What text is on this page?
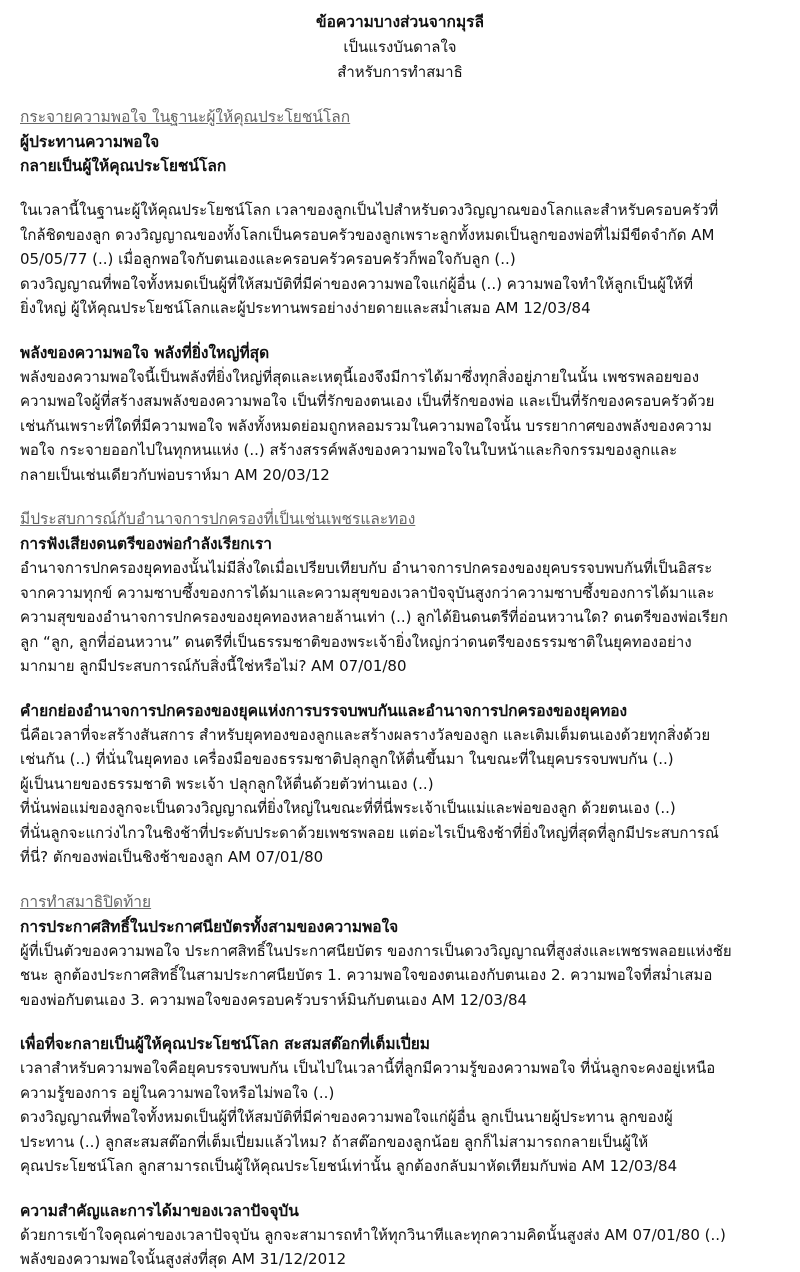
ข้อความบางส่วนจากมุรลี
เป็นแรงบันดาลใจ
สำหรับการทำสมาธิ
กระจายความพอใจ ในฐานะผู้ให้คุณประโยชน์โลก
ผู้ประทานความพอใจ
กลายเป็นผู้ให้คุณประโยชน์โลก
ในเวลานี้ในฐานะผู้ให้คุณประโยชน์โลก เวลาของลูกเป็นไปสำหรับดวงวิญญาณของโลกและสำหรับครอบครัวที่
ใกล้ชิดของลูก ดวงวิญญาณของทั้งโลกเป็นครอบครัวของลูกเพราะลูกทั้งหมดเป็นลูกของพ่อที่ไม่มีขีดจำกัด AM
05/05/77 (..) เมื่อลูกพอใจกับตนเองและครอบครัวครอบครัวก็พอใจกับลูก (..)
ดวงวิญญาณที่พอใจทั้งหมดเป็นผู้ที่ให้สมบัติที่มีค่าของความพอใจแก่ผู้อื่น (..) ความพอใจทำให้ลูกเป็นผู้ให้ที่
ยิ่งใหญ่ ผู้ให้คุณประโยชน์โลกและผู้ประทานพรอย่างง่ายดายและสม่ำเสมอ AM 12/03/84
พลังของความพอใจ พลังที่ยิ่งใหญ่ที่สุด
พลังของความพอใจนี้เป็นพลังที่ยิ่งใหญ่ที่สุดและเหตุนี้เองจึงมีการได้มาซึ่งทุกสิ่งอยู่ภายในนั้น เพชรพลอยของ
ความพอใจผู้ที่สร้างสมพลังของความพอใจ เป็นที่รักของตนเอง เป็นที่รักของพ่อ และเป็นที่รักของครอบครัวด้วย
เช่นกันเพราะที่ใดที่มีความพอใจ พลังทั้งหมดย่อมถูกหลอมรวมในความพอใจนั้น บรรยากาศของพลังของความ
พอใจ กระจายออกไปในทุกหนแห่ง (..) สร้างสรรค์พลังของความพอใจในใบหน้าและกิจกรรมของลูกและ
กลายเป็นเช่นเดียวกับพ่อบราห์มา AM 20/03/12
มีประสบการณ์กับอำนาจการปกครองที่เป็นเช่นเพชรและทอง
การฟังเสียงดนตรีของพ่อกำลังเรียกเรา
อำนาจการปกครองยุคทองนั้นไม่มีสิ่งใดเมื่อเปรียบเทียบกับ อำนาจการปกครองของยุคบรรจบพบกันที่เป็นอิสระ
จากความทุกข์ ความซาบซึ้งของการได้มาและความสุขของเวลาปัจจุบันสูงกว่าความซาบซึ้งของการได้มาและ
ความสุขของอำนาจการปกครองของยุคทองหลายล้านเท่า (..) ลูกได้ยินดนตรีที่อ่อนหวานใด? ดนตรีของพ่อเรียก
ลูก “ลูก, ลูกที่อ่อนหวาน” ดนตรีที่เป็นธรรมชาติของพระเจ้ายิ่งใหญ่กว่าดนตรีของธรรมชาติในยุคทองอย่าง
มากมาย ลูกมีประสบการณ์กับสิ่งนี้ใช่หรือไม่? AM 07/01/80
คำยกย่องอำนาจการปกครองของยุคแห่งการบรรจบพบกันและอำนาจการปกครองของยุคทอง
นี่คือเวลาที่จะสร้างสันสการ สำหรับยุคทองของลูกและสร้างผลรางวัลของลูก และเติมเต็มตนเองด้วยทุกสิ่งด้วย
เช่นกัน (..) ที่นั่นในยุคทอง เครื่องมือของธรรมชาติปลุกลูกให้ตื่นขึ้นมา ในขณะที่ในยุคบรรจบพบกัน (..)
ผู้เป็นนายของธรรมชาติ พระเจ้า ปลุกลูกให้ตื่นด้วยตัวท่านเอง (..)
ที่นั่นพ่อแม่ของลูกจะเป็นดวงวิญญาณที่ยิ่งใหญ่ในขณะที่ที่นี่พระเจ้าเป็นแม่และพ่อของลูก ด้วยตนเอง (..)
ที่นั่นลูกจะแกว่งไกวในชิงช้าที่ประดับประดาด้วยเพชรพลอย แต่อะไรเป็นชิงช้าที่ยิ่งใหญ่ที่สุดที่ลูกมีประสบการณ์
ที่นี่? ตักของพ่อเป็นชิงช้าของลูก AM 07/01/80
การทำสมาธิปิดท้าย
การประกาศสิทธิ์ในประกาศนียบัตรทั้งสามของความพอใจ
ผู้ที่เป็นตัวของความพอใจ ประกาศสิทธิ์ในประกาศนียบัตร ของการเป็นดวงวิญญาณที่สูงส่งและเพชรพลอยแห่งชัย
ชนะ ลูกต้องประกาศสิทธิ์ในสามประกาศนียบัตร 1. ความพอใจของตนเองกับตนเอง 2. ความพอใจที่สม่ำเสมอ
ของพ่อกับตนเอง 3. ความพอใจของครอบครัวบราห์มินกับตนเอง AM 12/03/84
เพื่อที่จะกลายเป็นผู้ให้คุณประโยชน์โลก สะสมสต๊อกที่เต็มเปี่ยม
เวลาสำหรับความพอใจคือยุคบรรจบพบกัน เป็นไปในเวลานี้ที่ลูกมีความรู้ของความพอใจ ที่นั่นลูกจะคงอยู่เหนือ
ความรู้ของการ อยู่ในความพอใจหรือไม่พอใจ (..)
ดวงวิญญาณที่พอใจทั้งหมดเป็นผู้ที่ให้สมบัติที่มีค่าของความพอใจแก่ผู้อื่น ลูกเป็นนายผู้ประทาน ลูกของผู้
ประทาน (..) ลูกสะสมสต๊อกที่เต็มเปี่ยมแล้วไหม? ถ้าสต๊อกของลูกน้อย ลูกก็ไม่สามารถกลายเป็นผู้ให้
คุณประโยชน์โลก ลูกสามารถเป็นผู้ให้คุณประโยชน์เท่านั้น ลูกต้องกลับมาหัดเทียมกับพ่อ AM 12/03/84
ความสำคัญและการได้มาของเวลาปัจจุบัน
ด้วยการเข้าใจคุณค่าของเวลาปัจจุบัน ลูกจะสามารถทำให้ทุกวินาทีและทุกความคิดนั้นสูงส่ง AM 07/01/80 (..)
พลังของความพอใจนั้นสูงส่งที่สุด AM 31/12/2012
